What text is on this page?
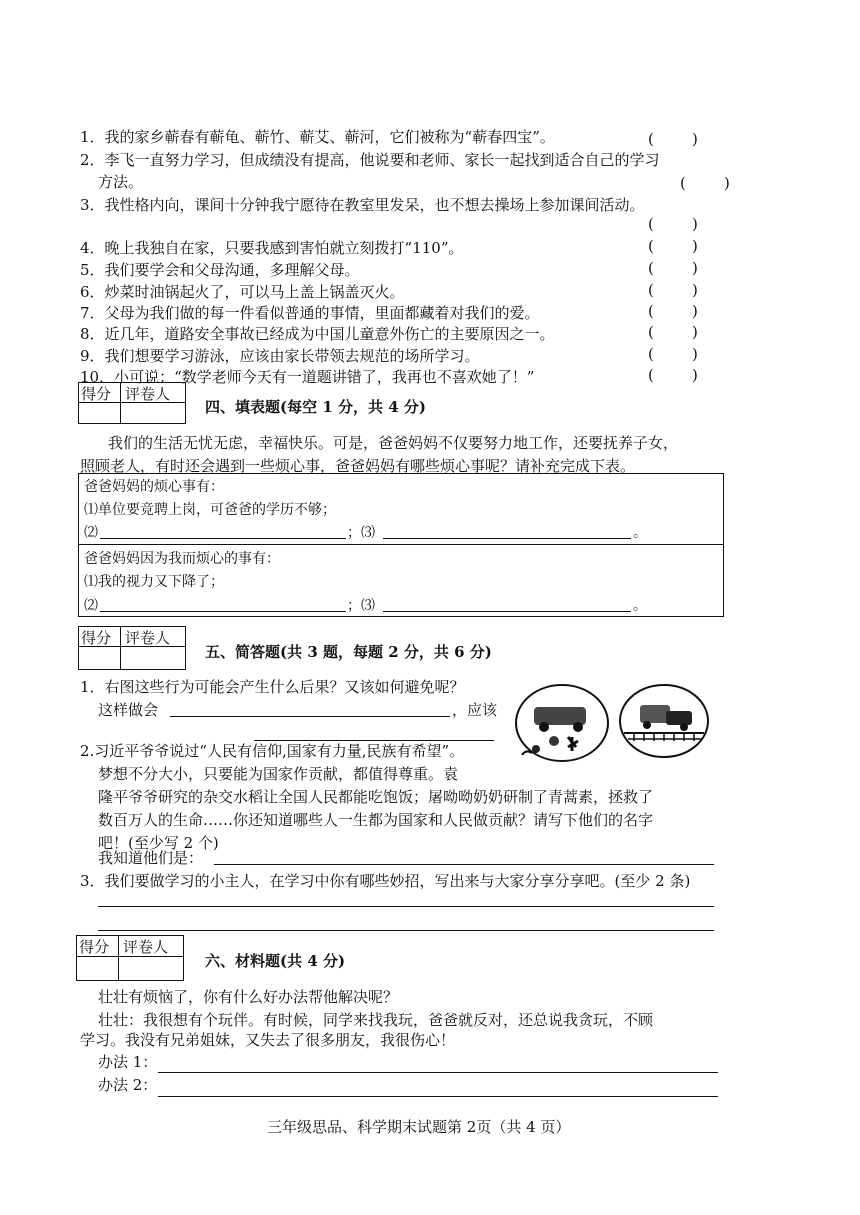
1．我的家乡蕲春有蕲龟、蕲竹、蕲艾、蕲河，它们被称为“蕲春四宝”。	(        )
2．李飞一直努力学习，但成绩没有提高，他说要和老师、家长一起找到适合自己的学习
方法。	(        )
3．我性格内向，课间十分钟我宁愿待在教室里发呆，也不想去操场上参加课间活动。
(        )
4．晚上我独自在家，只要我感到害怕就立刻拨打“110”。	(        )
5．我们要学会和父母沟通，多理解父母。	(        )
6．炒菜时油锅起火了，可以马上盖上锅盖灭火。	(        )
7．父母为我们做的每一件看似普通的事情，里面都藏着对我们的爱。	(        )
8．近几年，道路安全事故已经成为中国儿童意外伤亡的主要原因之一。	(        )
9．我们想要学习游泳，应该由家长带领去规范的场所学习。	(        )
10．小可说：“数学老师今天有一道题讲错了，我再也不喜欢她了！”	(        )
得分 评卷人
四、填表题(每空 1 分，共 4 分)
我们的生活无忧无虑，幸福快乐。可是，爸爸妈妈不仅要努力地工作，还要抚养子女，
照顾老人，有时还会遇到一些烦心事，爸爸妈妈有哪些烦心事呢？请补充完成下表。
爸爸妈妈的烦心事有：
⑴单位要竞聘上岗，可爸爸的学历不够；
⑵	；⑶	。
爸爸妈妈因为我而烦心的事有：
⑴我的视力又下降了；
⑵	；⑶	。
得分 评卷人
五、简答题(共 3 题，每题 2 分，共 6 分)
1．右图这些行为可能会产生什么后果？又该如何避免呢？
这样做会	，应该
2.习近平爷爷说过“人民有信仰,国家有力量,民族有希望”。
梦想不分大小，只要能为国家作贡献，都值得尊重。袁
隆平爷爷研究的杂交水稻让全国人民都能吃饱饭；屠呦呦奶奶研制了青蒿素，拯救了
数百万人的生命……你还知道哪些人一生都为国家和人民做贡献？请写下他们的名字
吧！(至少写 2 个)
我知道他们是：
3．我们要做学习的小主人，在学习中你有哪些妙招，写出来与大家分享分享吧。(至少 2 条)
得分 评卷人
六、材料题(共 4 分)
壮壮有烦恼了，你有什么好办法帮他解决呢？
壮壮：我很想有个玩伴。有时候，同学来找我玩，爸爸就反对，还总说我贪玩，不顾
学习。我没有兄弟姐妹，又失去了很多朋友，我很伤心！
办法 1：
办法 2：
三年级思品、科学期末试题第 2页（共 4 页）
